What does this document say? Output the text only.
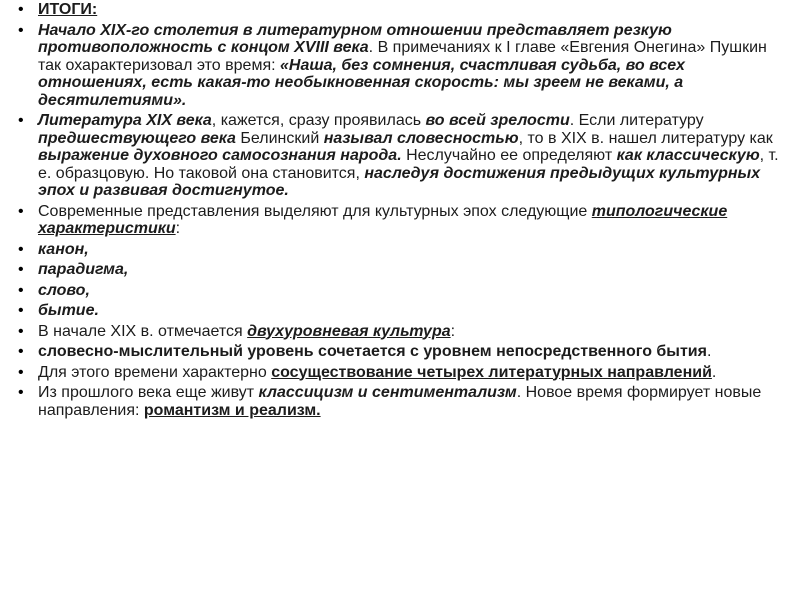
• ИТОГИ:
• Начало XIX-го столетия в литературном отношении представляет резкую противоположность с концом XVIII века. В примечаниях к I главе «Евгения Онегина» Пушкин так охарактеризовал это время: «Наша, без сомнения, счастливая судьба, во всех отношениях, есть какая-то необыкновенная скорость: мы зреем не веками, а десятилетиями».
• Литература XIX века, кажется, сразу проявилась во всей зрелости. Если литературу предшествующего века Белинский называл словесностью, то в XIX в. нашел литературу как выражение духовного самосознания народа. Неслучайно ее определяют как классическую, т. е. образцовую. Но таковой она становится, наследуя достижения предыдущих культурных эпох и развивая достигнутое.
• Современные представления выделяют для культурных эпох следующие типологические характеристики:
• канон,
• парадигма,
• слово,
• бытие.
• В начале XIX в. отмечается двухуровневая культура:
• словесно-мыслительный уровень сочетается с уровнем непосредственного бытия.
• Для этого времени характерно сосуществование четырех литературных направлений.
• Из прошлого века еще живут классицизм и сентиментализм. Новое время формирует новые направления: романтизм и реализм.
